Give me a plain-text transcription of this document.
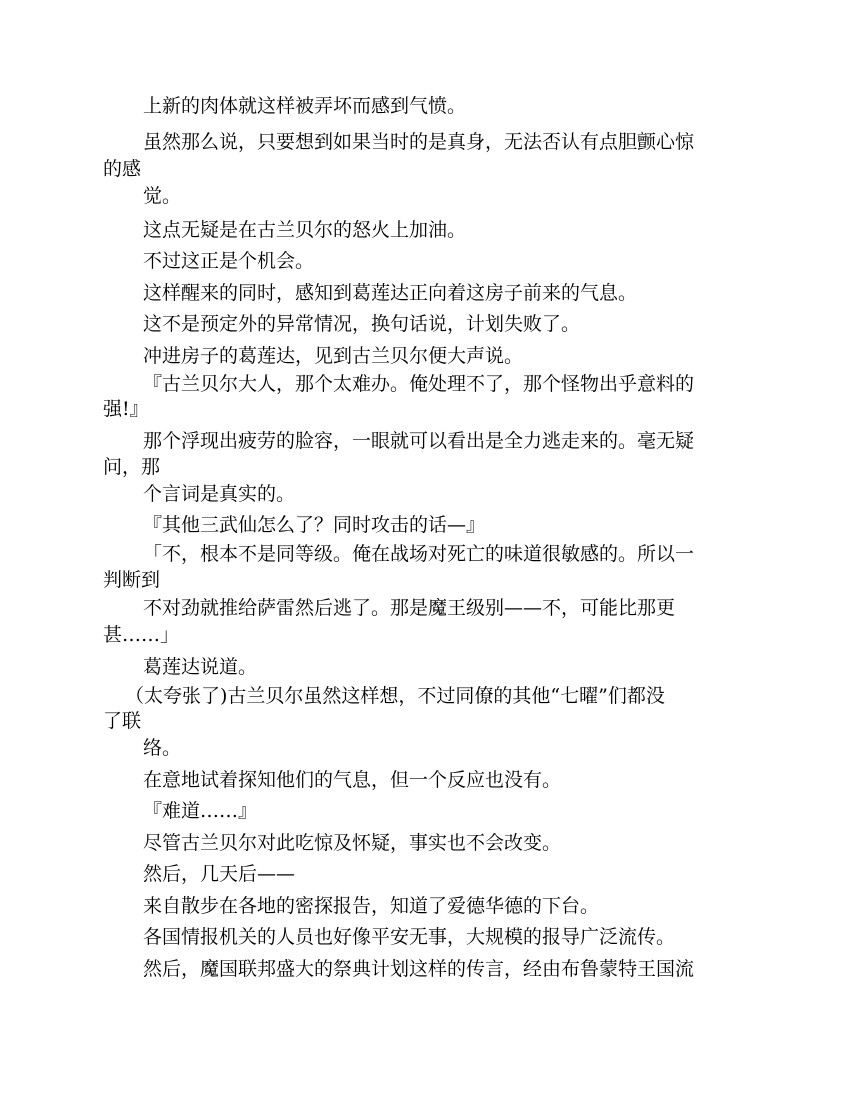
上新的肉体就这样被弄坏而感到气愤。
虽然那么说，只要想到如果当时的是真身，无法否认有点胆颤心惊
的感
觉。
这点无疑是在古兰贝尔的怒火上加油。
不过这正是个机会。
这样醒来的同时，感知到葛莲达正向着这房子前来的气息。
这不是预定外的异常情况，换句话说，计划失败了。
冲进房子的葛莲达，见到古兰贝尔便大声说。
『古兰贝尔大人，那个太难办。俺处理不了，那个怪物出乎意料的
强!』
那个浮现出疲劳的脸容，一眼就可以看出是全力逃走来的。毫无疑
问，那
个言词是真实的。
『其他三武仙怎么了？同时攻击的话—』
「不，根本不是同等级。俺在战场对死亡的味道很敏感的。所以一
判断到
不对劲就推给萨雷然后逃了。那是魔王级别——不，可能比那更
甚……」
葛莲达说道。
（太夸张了)古兰贝尔虽然这样想，不过同僚的其他“七曜”们都没
了联
络。
在意地试着探知他们的气息，但一个反应也没有。
『难道……』
尽管古兰贝尔对此吃惊及怀疑，事实也不会改变。
然后，几天后——
来自散步在各地的密探报告，知道了爱德华德的下台。
各国情报机关的人员也好像平安无事，大规模的报导广泛流传。
然后，魔国联邦盛大的祭典计划这样的传言，经由布鲁蒙特王国流
